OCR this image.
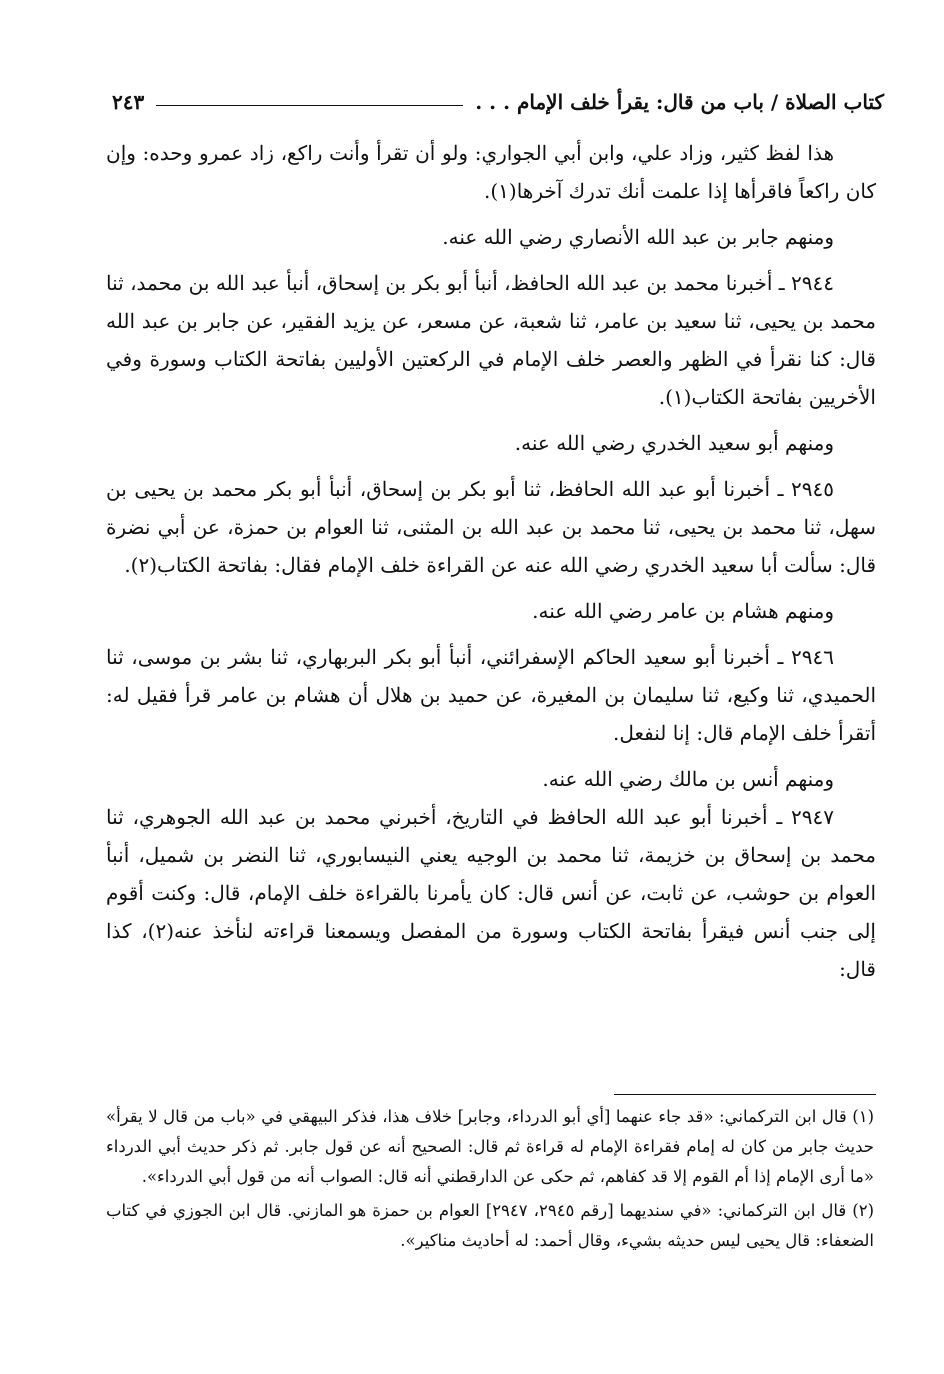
كتاب الصلاة / باب من قال: يقرأ خلف الإمام . . .
٢٤٣

هذا لفظ كثير، وزاد علي، وابن أبي الجواري: ولو أن تقرأ وأنت راكع، زاد عمرو وحده: وإن كان راكعاً فاقرأها إذا علمت أنك تدرك آخرها(١).

ومنهم جابر بن عبد الله الأنصاري رضي الله عنه.

٢٩٤٤ ـ أخبرنا محمد بن عبد الله الحافظ، أنبأ أبو بكر بن إسحاق، أنبأ عبد الله بن محمد، ثنا محمد بن يحيى، ثنا سعيد بن عامر، ثنا شعبة، عن مسعر، عن يزيد الفقير، عن جابر بن عبد الله قال: كنا نقرأ في الظهر والعصر خلف الإمام في الركعتين الأوليين بفاتحة الكتاب وسورة وفي الأخريين بفاتحة الكتاب(١).

ومنهم أبو سعيد الخدري رضي الله عنه.

٢٩٤٥ ـ أخبرنا أبو عبد الله الحافظ، ثنا أبو بكر بن إسحاق، أنبأ أبو بكر محمد بن يحيى بن سهل، ثنا محمد بن يحيى، ثنا محمد بن عبد الله بن المثنى، ثنا العوام بن حمزة، عن أبي نضرة قال: سألت أبا سعيد الخدري رضي الله عنه عن القراءة خلف الإمام فقال: بفاتحة الكتاب(٢).

ومنهم هشام بن عامر رضي الله عنه.

٢٩٤٦ ـ أخبرنا أبو سعيد الحاكم الإسفرائني، أنبأ أبو بكر البربهاري، ثنا بشر بن موسى، ثنا الحميدي، ثنا وكيع، ثنا سليمان بن المغيرة، عن حميد بن هلال أن هشام بن عامر قرأ فقيل له: أتقرأ خلف الإمام قال: إنا لنفعل.

ومنهم أنس بن مالك رضي الله عنه.

٢٩٤٧ ـ أخبرنا أبو عبد الله الحافظ في التاريخ، أخبرني محمد بن عبد الله الجوهري، ثنا محمد بن إسحاق بن خزيمة، ثنا محمد بن الوجيه يعني النيسابوري، ثنا النضر بن شميل، أنبأ العوام بن حوشب، عن ثابت، عن أنس قال: كان يأمرنا بالقراءة خلف الإمام، قال: وكنت أقوم إلى جنب أنس فيقرأ بفاتحة الكتاب وسورة من المفصل ويسمعنا قراءته لنأخذ عنه(٢)، كذا قال:

(١) قال ابن التركماني: «قد جاء عنهما [أي أبو الدرداء، وجابر] خلاف هذا، فذكر البيهقي في «باب من قال لا يقرأ» حديث جابر من كان له إمام فقراءة الإمام له قراءة ثم قال: الصحيح أنه عن قول جابر. ثم ذكر حديث أبي الدرداء «ما أرى الإمام إذا أم القوم إلا قد كفاهم، ثم حكى عن الدارقطني أنه قال: الصواب أنه من قول أبي الدرداء».

(٢) قال ابن التركماني: «في سنديهما [رقم ٢٩٤٥، ٢٩٤٧] العوام بن حمزة هو المازني. قال ابن الجوزي في كتاب الضعفاء: قال يحيى ليس حديثه بشيء، وقال أحمد: له أحاديث مناكير».
